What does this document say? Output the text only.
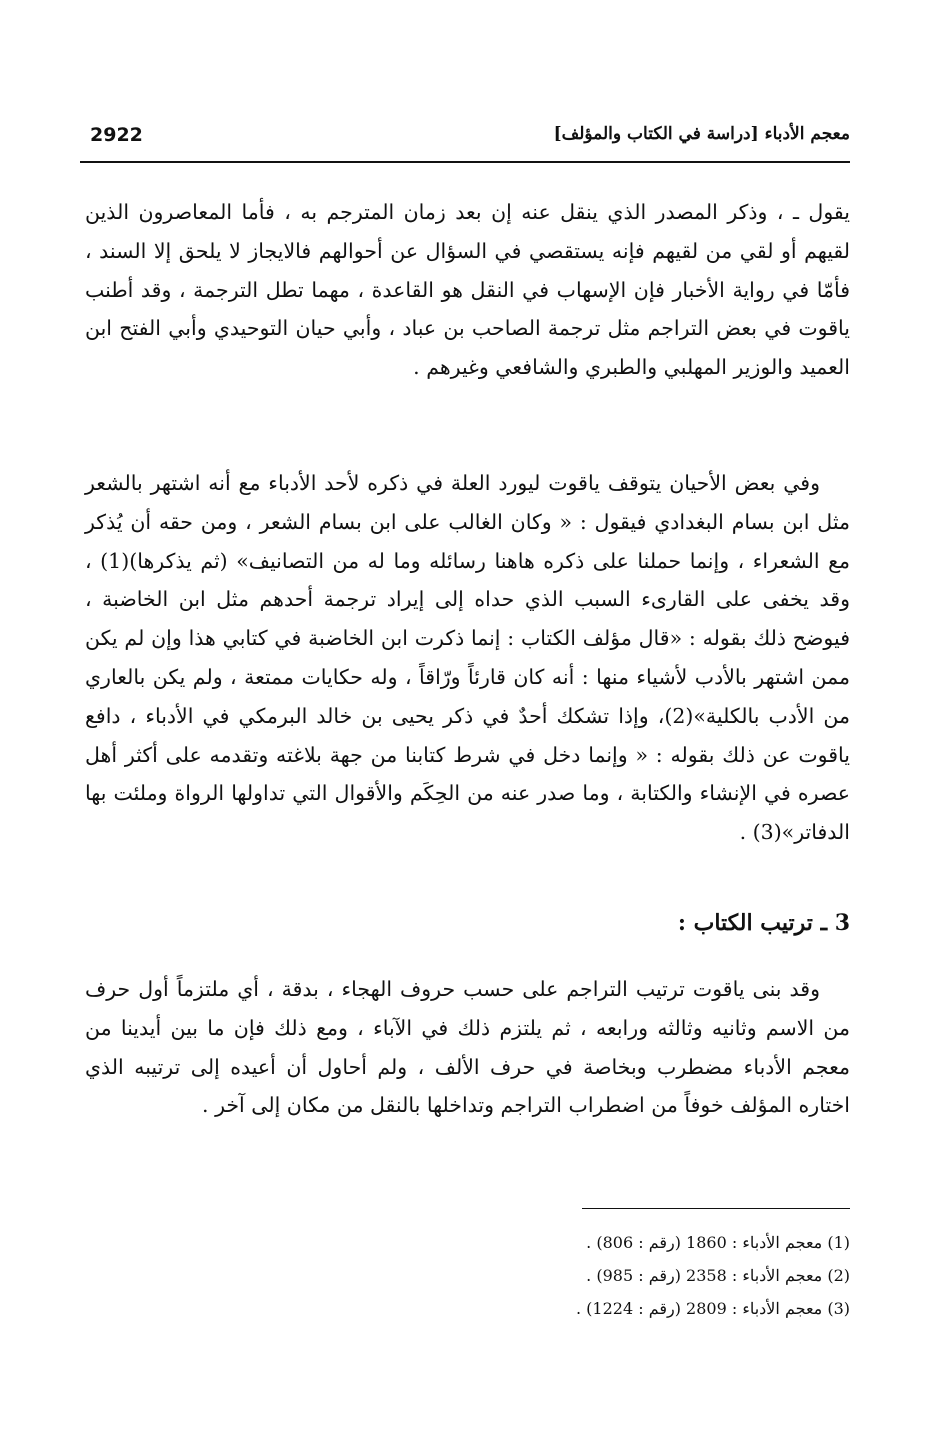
معجم الأدباء [دراسة في الكتاب والمؤلف]
2922

يقول ـ ، وذكر المصدر الذي ينقل عنه إن بعد زمان المترجم به ، فأما المعاصرون الذين لقيهم أو لقي من لقيهم فإنه يستقصي في السؤال عن أحوالهم فالايجاز لا يلحق إلا السند ، فأمّا في رواية الأخبار فإن الإسهاب في النقل هو القاعدة ، مهما تطل الترجمة ، وقد أطنب ياقوت في بعض التراجم مثل ترجمة الصاحب بن عباد ، وأبي حيان التوحيدي وأبي الفتح ابن العميد والوزير المهلبي والطبري والشافعي وغيرهم .

وفي بعض الأحيان يتوقف ياقوت ليورد العلة في ذكره لأحد الأدباء مع أنه اشتهر بالشعر مثل ابن بسام البغدادي فيقول : « وكان الغالب على ابن بسام الشعر ، ومن حقه أن يُذكر مع الشعراء ، وإنما حملنا على ذكره هاهنا رسائله وما له من التصانيف» (ثم يذكرها)(1) ، وقد يخفى على القارىء السبب الذي حداه إلى إيراد ترجمة أحدهم مثل ابن الخاضبة ، فيوضح ذلك بقوله : «قال مؤلف الكتاب : إنما ذكرت ابن الخاضبة في كتابي هذا وإن لم يكن ممن اشتهر بالأدب لأشياء منها : أنه كان قارئاً ورّاقاً ، وله حكايات ممتعة ، ولم يكن بالعاري من الأدب بالكلية»(2)، وإذا تشكك أحدٌ في ذكر يحيى بن خالد البرمكي في الأدباء ، دافع ياقوت عن ذلك بقوله : « وإنما دخل في شرط كتابنا من جهة بلاغته وتقدمه على أكثر أهل عصره في الإنشاء والكتابة ، وما صدر عنه من الحِكَم والأقوال التي تداولها الرواة وملئت بها الدفاتر»(3) .

3 ـ ترتيب الكتاب :

وقد بنى ياقوت ترتيب التراجم على حسب حروف الهجاء ، بدقة ، أي ملتزماً أول حرف من الاسم وثانيه وثالثه ورابعه ، ثم يلتزم ذلك في الآباء ، ومع ذلك فإن ما بين أيدينا من معجم الأدباء مضطرب وبخاصة في حرف الألف ، ولم أحاول أن أعيده إلى ترتيبه الذي اختاره المؤلف خوفاً من اضطراب التراجم وتداخلها بالنقل من مكان إلى آخر .

(1) معجم الأدباء : 1860 (رقم : 806) .
(2) معجم الأدباء : 2358 (رقم : 985) .
(3) معجم الأدباء : 2809 (رقم : 1224) .
